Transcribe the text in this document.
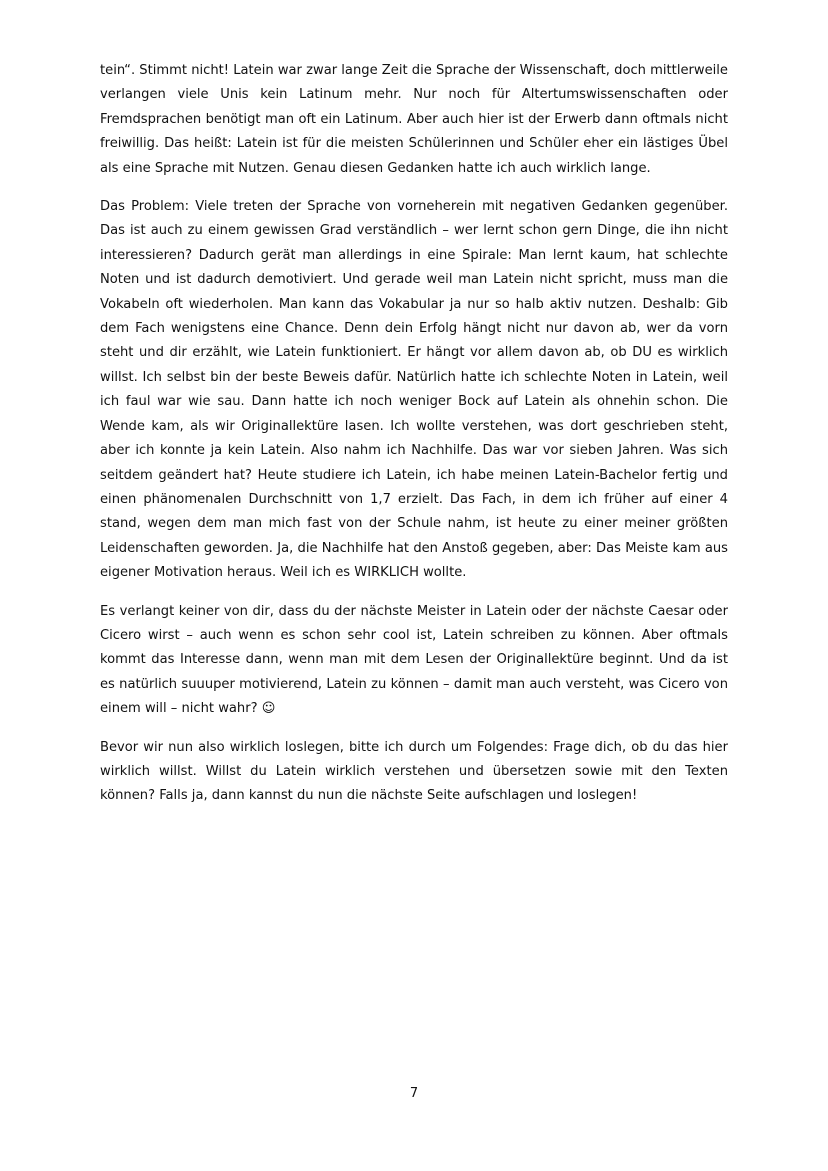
tein“. Stimmt nicht! Latein war zwar lange Zeit die Sprache der Wissenschaft, doch mittlerweile verlangen viele Unis kein Latinum mehr. Nur noch für Altertumswissenschaften oder Fremdsprachen benötigt man oft ein Latinum. Aber auch hier ist der Erwerb dann oftmals nicht freiwillig. Das heißt: Latein ist für die meisten Schülerinnen und Schüler eher ein lästiges Übel als eine Sprache mit Nutzen. Genau diesen Gedanken hatte ich auch wirklich lange.

Das Problem: Viele treten der Sprache von vorneherein mit negativen Gedanken gegenüber. Das ist auch zu einem gewissen Grad verständlich – wer lernt schon gern Dinge, die ihn nicht interessieren? Dadurch gerät man allerdings in eine Spirale: Man lernt kaum, hat schlechte Noten und ist dadurch demotiviert. Und gerade weil man Latein nicht spricht, muss man die Vokabeln oft wiederholen. Man kann das Vokabular ja nur so halb aktiv nutzen. Deshalb: Gib dem Fach wenigstens eine Chance. Denn dein Erfolg hängt nicht nur davon ab, wer da vorn steht und dir erzählt, wie Latein funktioniert. Er hängt vor allem davon ab, ob DU es wirklich willst. Ich selbst bin der beste Beweis dafür. Natürlich hatte ich schlechte Noten in Latein, weil ich faul war wie sau. Dann hatte ich noch weniger Bock auf Latein als ohnehin schon. Die Wende kam, als wir Originallektüre lasen. Ich wollte verstehen, was dort geschrieben steht, aber ich konnte ja kein Latein. Also nahm ich Nachhilfe. Das war vor sieben Jahren. Was sich seitdem geändert hat? Heute studiere ich Latein, ich habe meinen Latein-Bachelor fertig und einen phänomenalen Durchschnitt von 1,7 erzielt. Das Fach, in dem ich früher auf einer 4 stand, wegen dem man mich fast von der Schule nahm, ist heute zu einer meiner größten Leidenschaften geworden. Ja, die Nachhilfe hat den Anstoß gegeben, aber: Das Meiste kam aus eigener Motivation heraus. Weil ich es WIRKLICH wollte.

Es verlangt keiner von dir, dass du der nächste Meister in Latein oder der nächste Caesar oder Cicero wirst – auch wenn es schon sehr cool ist, Latein schreiben zu können. Aber oftmals kommt das Interesse dann, wenn man mit dem Lesen der Originallektüre beginnt. Und da ist es natürlich suuuper motivierend, Latein zu können – damit man auch versteht, was Cicero von einem will – nicht wahr? ☺

Bevor wir nun also wirklich loslegen, bitte ich durch um Folgendes: Frage dich, ob du das hier wirklich willst. Willst du Latein wirklich verstehen und übersetzen sowie mit den Texten können? Falls ja, dann kannst du nun die nächste Seite aufschlagen und loslegen!

7
